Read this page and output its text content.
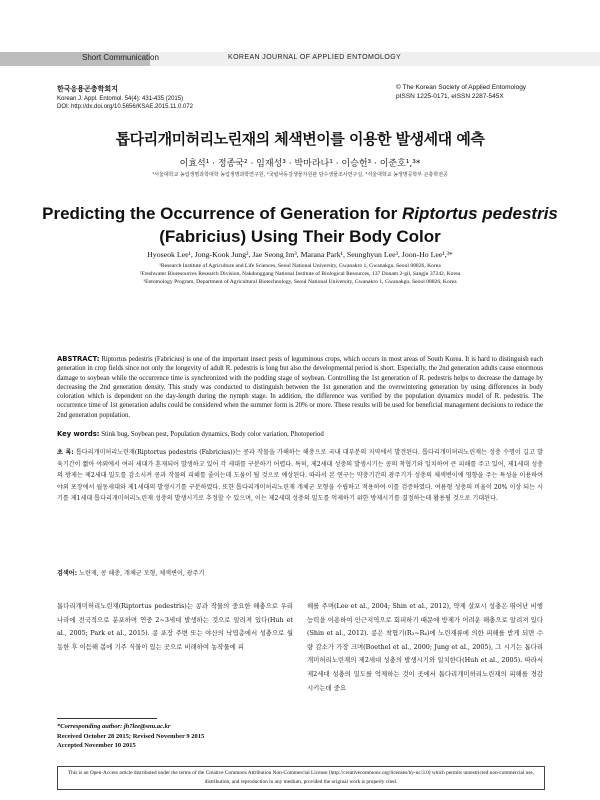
Short Communication	KOREAN JOURNAL OF APPLIED ENTOMOLOGY
한국응용곤충학회지
Korean J. Appl. Entomol. 54(4): 431-435 (2015)
DOI: http://dx.doi.org/10.5656/KSAE.2015.11.0.072
© The Korean Society of Applied Entomology
pISSN 1225-0171, eISSN 2287-545X
톱다리개미허리노린재의 체색변이를 이용한 발생세대 예측
이효석¹ · 정종국² · 임재성³ · 박마라나¹ · 이승헌³ · 이준호¹,³*
¹서울대학교 농업생명과학대학 농업생명과학연구원, ²국립낙동강생물자원관 담수생물조사연구실, ³서울대학교 농생명공학부 곤충학전공
Predicting the Occurrence of Generation for Riptortus pedestris (Fabricius) Using Their Body Color
Hyoseok Lee¹, Jong-Kook Jung², Jae Seong Im³, Marana Park¹, Seunghyun Lee³, Joon-Ho Lee¹,³*
¹Research Institute of Agriculture and Life Sciences, Seoul National University, Gwanakro 1, Gwanakgu, Seoul 08826, Korea
²Freshwater Bioresources Research Division, Nakdonggang National Institute of Biological Resources, 137 Donam 2-gil, Sangju 37242, Korea
³Entomology Program, Department of Agricultural Biotechnology, Seoul National University, Gwanakro 1, Gwanakgu, Seoul 08826, Korea
ABSTRACT: Riptortus pedestris (Fabricius) is one of the important insect pests of leguminous crops, which occurs in most areas of South Korea. It is hard to distinguish each generation in crop fields since not only the longevity of adult R. pedestris is long but also the developmental period is short. Especially, the 2nd generation adults cause enormous damage to soybean while the occurrence time is synchronized with the podding stage of soybean. Controlling the 1st generation of R. pedestris helps to decrease the damage by decreasing the 2nd generation density. This study was conducted to distinguish between the 1st generation and the overwintering generation by using differences in body coloration which is dependent on the day-length during the nymph stage. In addition, the difference was verified by the population dynamics model of R. pedestris. The occurrence time of 1st generation adults could be considered when the summer form is 20% or more. These results will be used for beneficial management decisions to reduce the 2nd generation population.
Key words: Stink bug, Soybean pest, Population dynamics, Body color variation, Photoperiod
초 록: 톱다리개미허리노린재(Riptortus pedestris (Fabricius))는 콩과 작물을 가해하는 해충으로 국내 대부분의 지역에서 발견된다. 톱다리개미허리노린재는 성충 수명이 길고 발육기간이 짧아 야외에서 여러 세대가 혼재되어 발생하고 있어 각 세대를 구분하기 어렵다. 특히, 제2세대 성충의 발생시기는 콩의 착협기와 일치하여 큰 피해를 주고 있어, 제1세대 성충의 방제는 제2세대 밀도를 감소시켜 콩과 작물의 피해를 줄이는데 도움이 될 것으로 예상된다. 따라서 본 연구는 약충기간의 광주기가 성충의 체색변이에 영향을 주는 특성을 이용하여 야외 포장에서 월동세대와 제1세대의 발생시기를 구분하였다. 또한 톱다리개미허리노린재 개체군 모형을 수립하고 적용하여 이를 검증하였다. 여름형 성충의 비율이 20% 이상 되는 시기를 제1세대 톱다리개미허리노린재 성충의 발생시기로 추정할 수 있으며, 이는 제2세대 성충의 밀도를 억제하기 위한 방제시기를 결정하는데 활용될 것으로 기대된다.
검색어: 노린재, 콩 해충, 개체군 모형, 체색변이, 광주기
톱다리개미허리노린재(Riptortus pedestris)는 콩과 작물의 중요한 해충으로 우리나라에 전국적으로 분포하며 연중 2~3세대 발생하는 것으로 알려져 있다(Huh et al., 2005; Park et al., 2015). 콩 포장 주변 또는 야산의 낙엽층에서 성충으로 월동한 후 이듬해 봄에 기주 식물이 있는 곳으로 비래하여 농작물에 피
해를 주며(Lee et al., 2004; Shin et al., 2012), 약제 살포시 성충은 뛰어난 비행능력을 이용하여 인근지역으로 회피하기 때문에 방제가 어려운 해충으로 알려져 있다(Shin et al., 2012). 콩은 착협기(R₃~R₄)에 노린재류에 의한 피해를 받게 되면 수량 감소가 가장 크며(Boethel et al., 2000; Jung et al., 2005), 그 시기는 톱다리개미허리노린재의 제2세대 성충의 발생시기와 일치한다(Huh et al., 2005). 따라서 제2세대 성충의 밀도를 억제하는 것이 곳에서 톱다리개미허리노린재의 피해를 경감시키는데 중요
*Corresponding author: jh7lee@snu.ac.kr
Received October 28 2015; Revised November 9 2015
Accepted November 10 2015
This is an Open-Access article distributed under the terms of the Creative Commons Attribution Non-Commercial License (http://creativecommons.org/licenses/by-nc/3.0) which permits unrestricted non-commercial use, distribution, and reproduction in any medium, provided the original work is properly cited.
